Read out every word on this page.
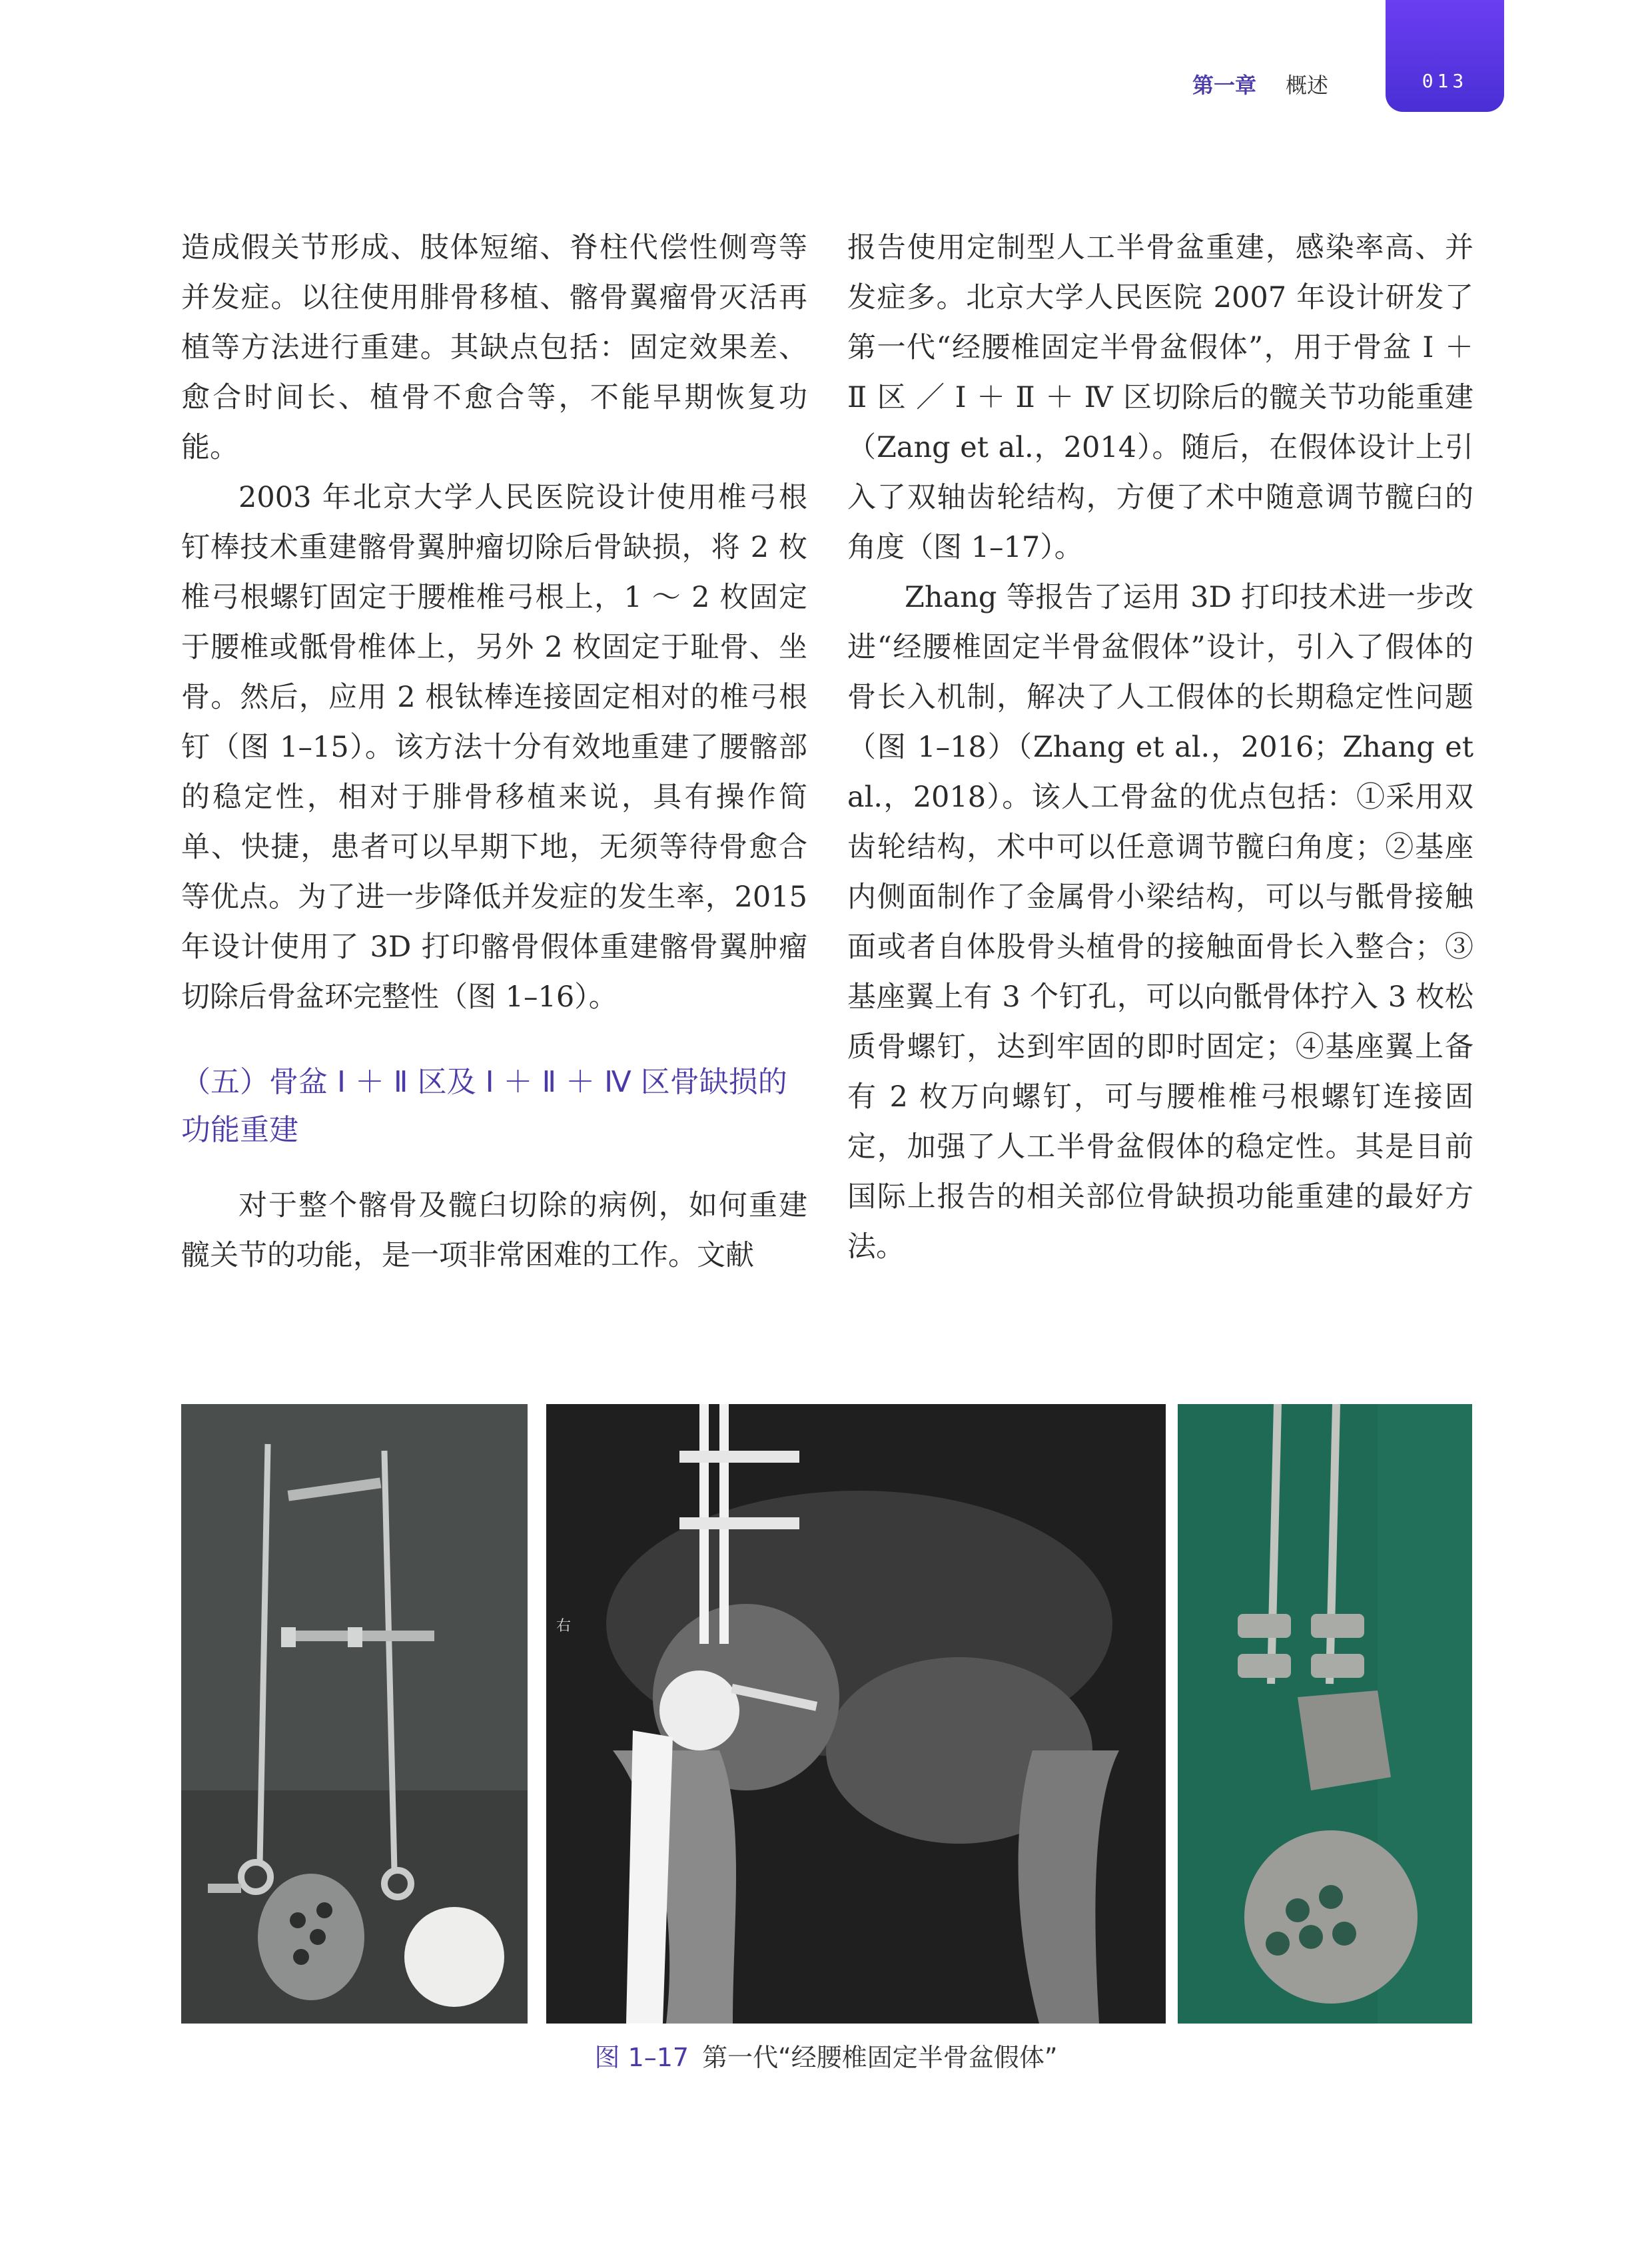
第一章 概述	013

造成假关节形成、肢体短缩、脊柱代偿性侧弯等并发症。以往使用腓骨移植、髂骨翼瘤骨灭活再植等方法进行重建。其缺点包括：固定效果差、愈合时间长、植骨不愈合等，不能早期恢复功能。

2003 年北京大学人民医院设计使用椎弓根钉棒技术重建髂骨翼肿瘤切除后骨缺损，将 2 枚椎弓根螺钉固定于腰椎椎弓根上，1 ～ 2 枚固定于腰椎或骶骨椎体上，另外 2 枚固定于耻骨、坐骨。然后，应用 2 根钛棒连接固定相对的椎弓根钉（图 1–15）。该方法十分有效地重建了腰髂部的稳定性，相对于腓骨移植来说，具有操作简单、快捷，患者可以早期下地，无须等待骨愈合等优点。为了进一步降低并发症的发生率，2015 年设计使用了 3D 打印髂骨假体重建髂骨翼肿瘤切除后骨盆环完整性（图 1–16）。

（五）骨盆 Ⅰ ＋ Ⅱ 区及 Ⅰ ＋ Ⅱ ＋ Ⅳ 区骨缺损的功能重建

对于整个髂骨及髋臼切除的病例，如何重建髋关节的功能，是一项非常困难的工作。文献

报告使用定制型人工半骨盆重建，感染率高、并发症多。北京大学人民医院 2007 年设计研发了第一代“经腰椎固定半骨盆假体”，用于骨盆 Ⅰ ＋ Ⅱ 区 ／ Ⅰ ＋ Ⅱ ＋ Ⅳ 区切除后的髋关节功能重建（Zang et al.，2014）。随后，在假体设计上引入了双轴齿轮结构，方便了术中随意调节髋臼的角度（图 1–17）。

Zhang 等报告了运用 3D 打印技术进一步改进“经腰椎固定半骨盆假体”设计，引入了假体的骨长入机制，解决了人工假体的长期稳定性问题（图 1–18）（Zhang et al.，2016；Zhang et al.，2018）。该人工骨盆的优点包括：①采用双齿轮结构，术中可以任意调节髋臼角度；②基座内侧面制作了金属骨小梁结构，可以与骶骨接触面或者自体股骨头植骨的接触面骨长入整合；③基座翼上有 3 个钉孔，可以向骶骨体拧入 3 枚松质骨螺钉，达到牢固的即时固定；④基座翼上备有 2 枚万向螺钉，可与腰椎椎弓根螺钉连接固定，加强了人工半骨盆假体的稳定性。其是目前国际上报告的相关部位骨缺损功能重建的最好方法。

右
图 1–17 第一代“经腰椎固定半骨盆假体”
